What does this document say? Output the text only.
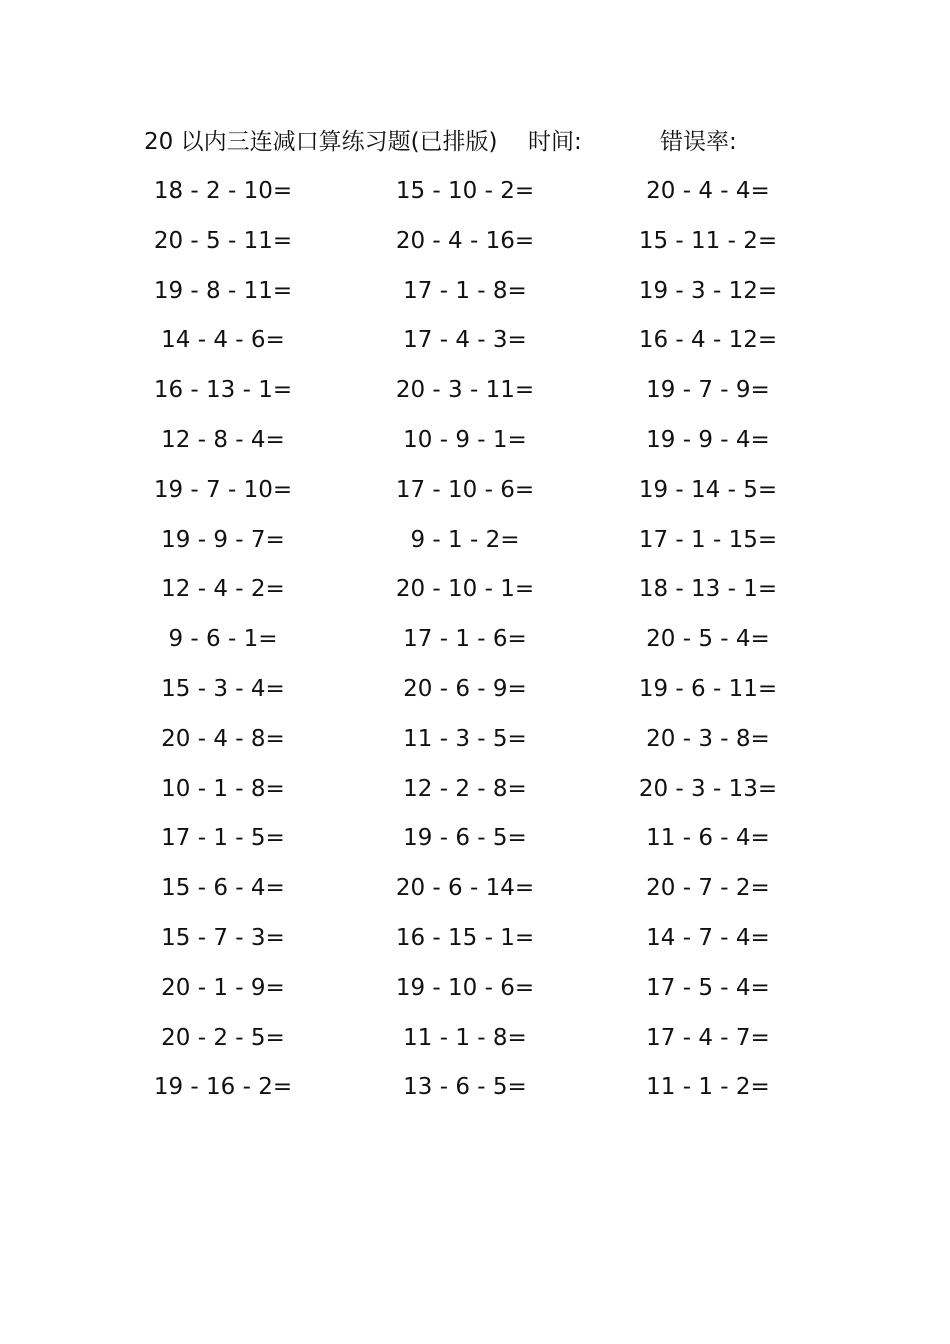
20 以内三连减口算练习题(已排版) 时间:	错误率:
18 - 2 - 10=	15 - 10 - 2=	20 - 4 - 4=
20 - 5 - 11=	20 - 4 - 16=	15 - 11 - 2=
19 - 8 - 11=	17 - 1 - 8=	19 - 3 - 12=
14 - 4 - 6=	17 - 4 - 3=	16 - 4 - 12=
16 - 13 - 1=	20 - 3 - 11=	19 - 7 - 9=
12 - 8 - 4=	10 - 9 - 1=	19 - 9 - 4=
19 - 7 - 10=	17 - 10 - 6=	19 - 14 - 5=
19 - 9 - 7=	9 - 1 - 2=	17 - 1 - 15=
12 - 4 - 2=	20 - 10 - 1=	18 - 13 - 1=
9 - 6 - 1=	17 - 1 - 6=	20 - 5 - 4=
15 - 3 - 4=	20 - 6 - 9=	19 - 6 - 11=
20 - 4 - 8=	11 - 3 - 5=	20 - 3 - 8=
10 - 1 - 8=	12 - 2 - 8=	20 - 3 - 13=
17 - 1 - 5=	19 - 6 - 5=	11 - 6 - 4=
15 - 6 - 4=	20 - 6 - 14=	20 - 7 - 2=
15 - 7 - 3=	16 - 15 - 1=	14 - 7 - 4=
20 - 1 - 9=	19 - 10 - 6=	17 - 5 - 4=
20 - 2 - 5=	11 - 1 - 8=	17 - 4 - 7=
19 - 16 - 2=	13 - 6 - 5=	11 - 1 - 2=
